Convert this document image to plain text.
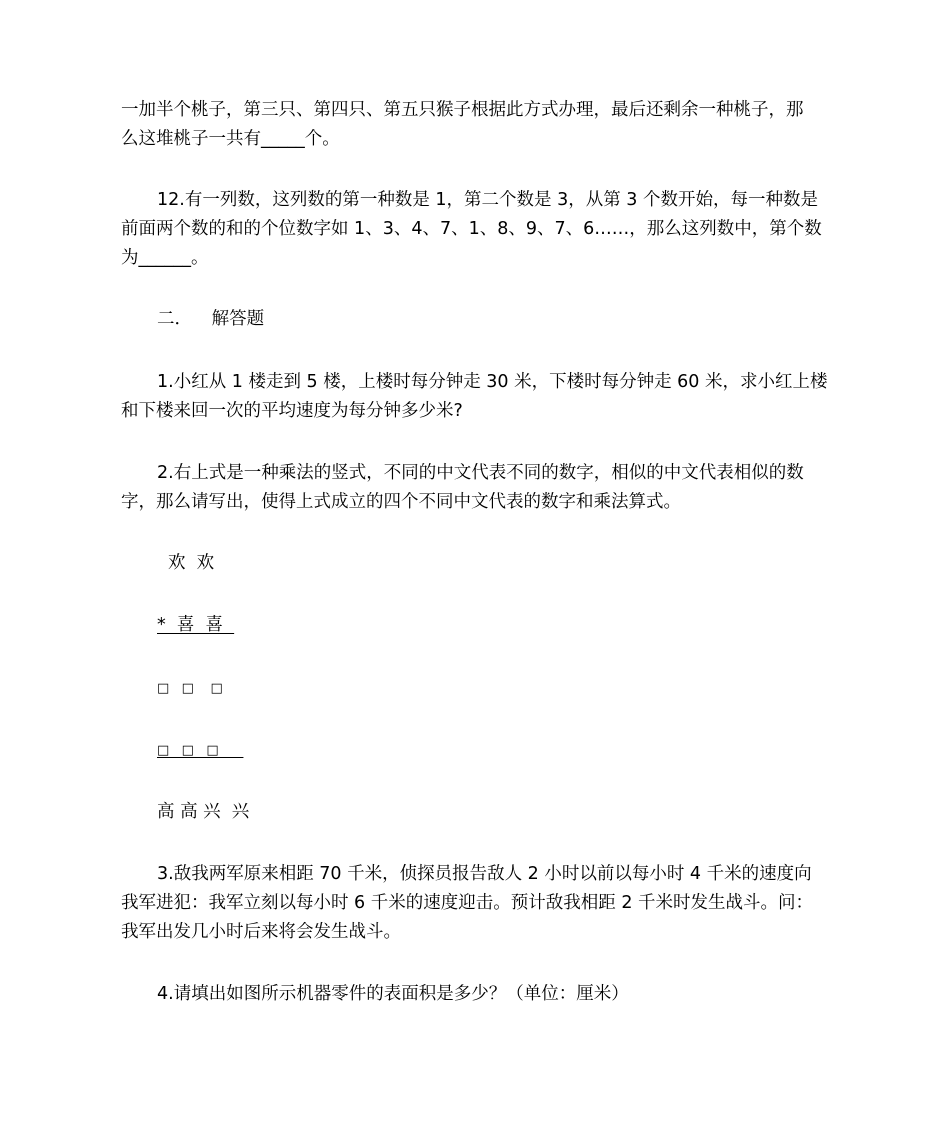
一加半个桃子，第三只、第四只、第五只猴子根据此方式办理，最后还剩余一种桃子，那

么这堆桃子一共有_____个。

12.有一列数，这列数的第一种数是 1，第二个数是 3，从第 3 个数开始，每一种数是

前面两个数的和的个位数字如 1、3、4、7、1、8、9、7、6……，那么这列数中，第个数

为______。

二． 解答题

1.小红从 1 楼走到 5 楼，上楼时每分钟走 30 米，下楼时每分钟走 60 米，求小红上楼

和下楼来回一次的平均速度为每分钟多少米?

2.右上式是一种乘法的竖式，不同的中文代表不同的数字，相似的中文代表相似的数

字，那么请写出，使得上式成立的四个不同中文代表的数字和乘法算式。

欢  欢

*  喜  喜

□   □    □

□   □   □

高 高 兴  兴

3.敌我两军原来相距 70 千米，侦探员报告敌人 2 小时以前以每小时 4 千米的速度向

我军进犯：我军立刻以每小时 6 千米的速度迎击。预计敌我相距 2 千米时发生战斗。问：

我军出发几小时后来将会发生战斗。

4.请填出如图所示机器零件的表面积是多少？（单位：厘米）
